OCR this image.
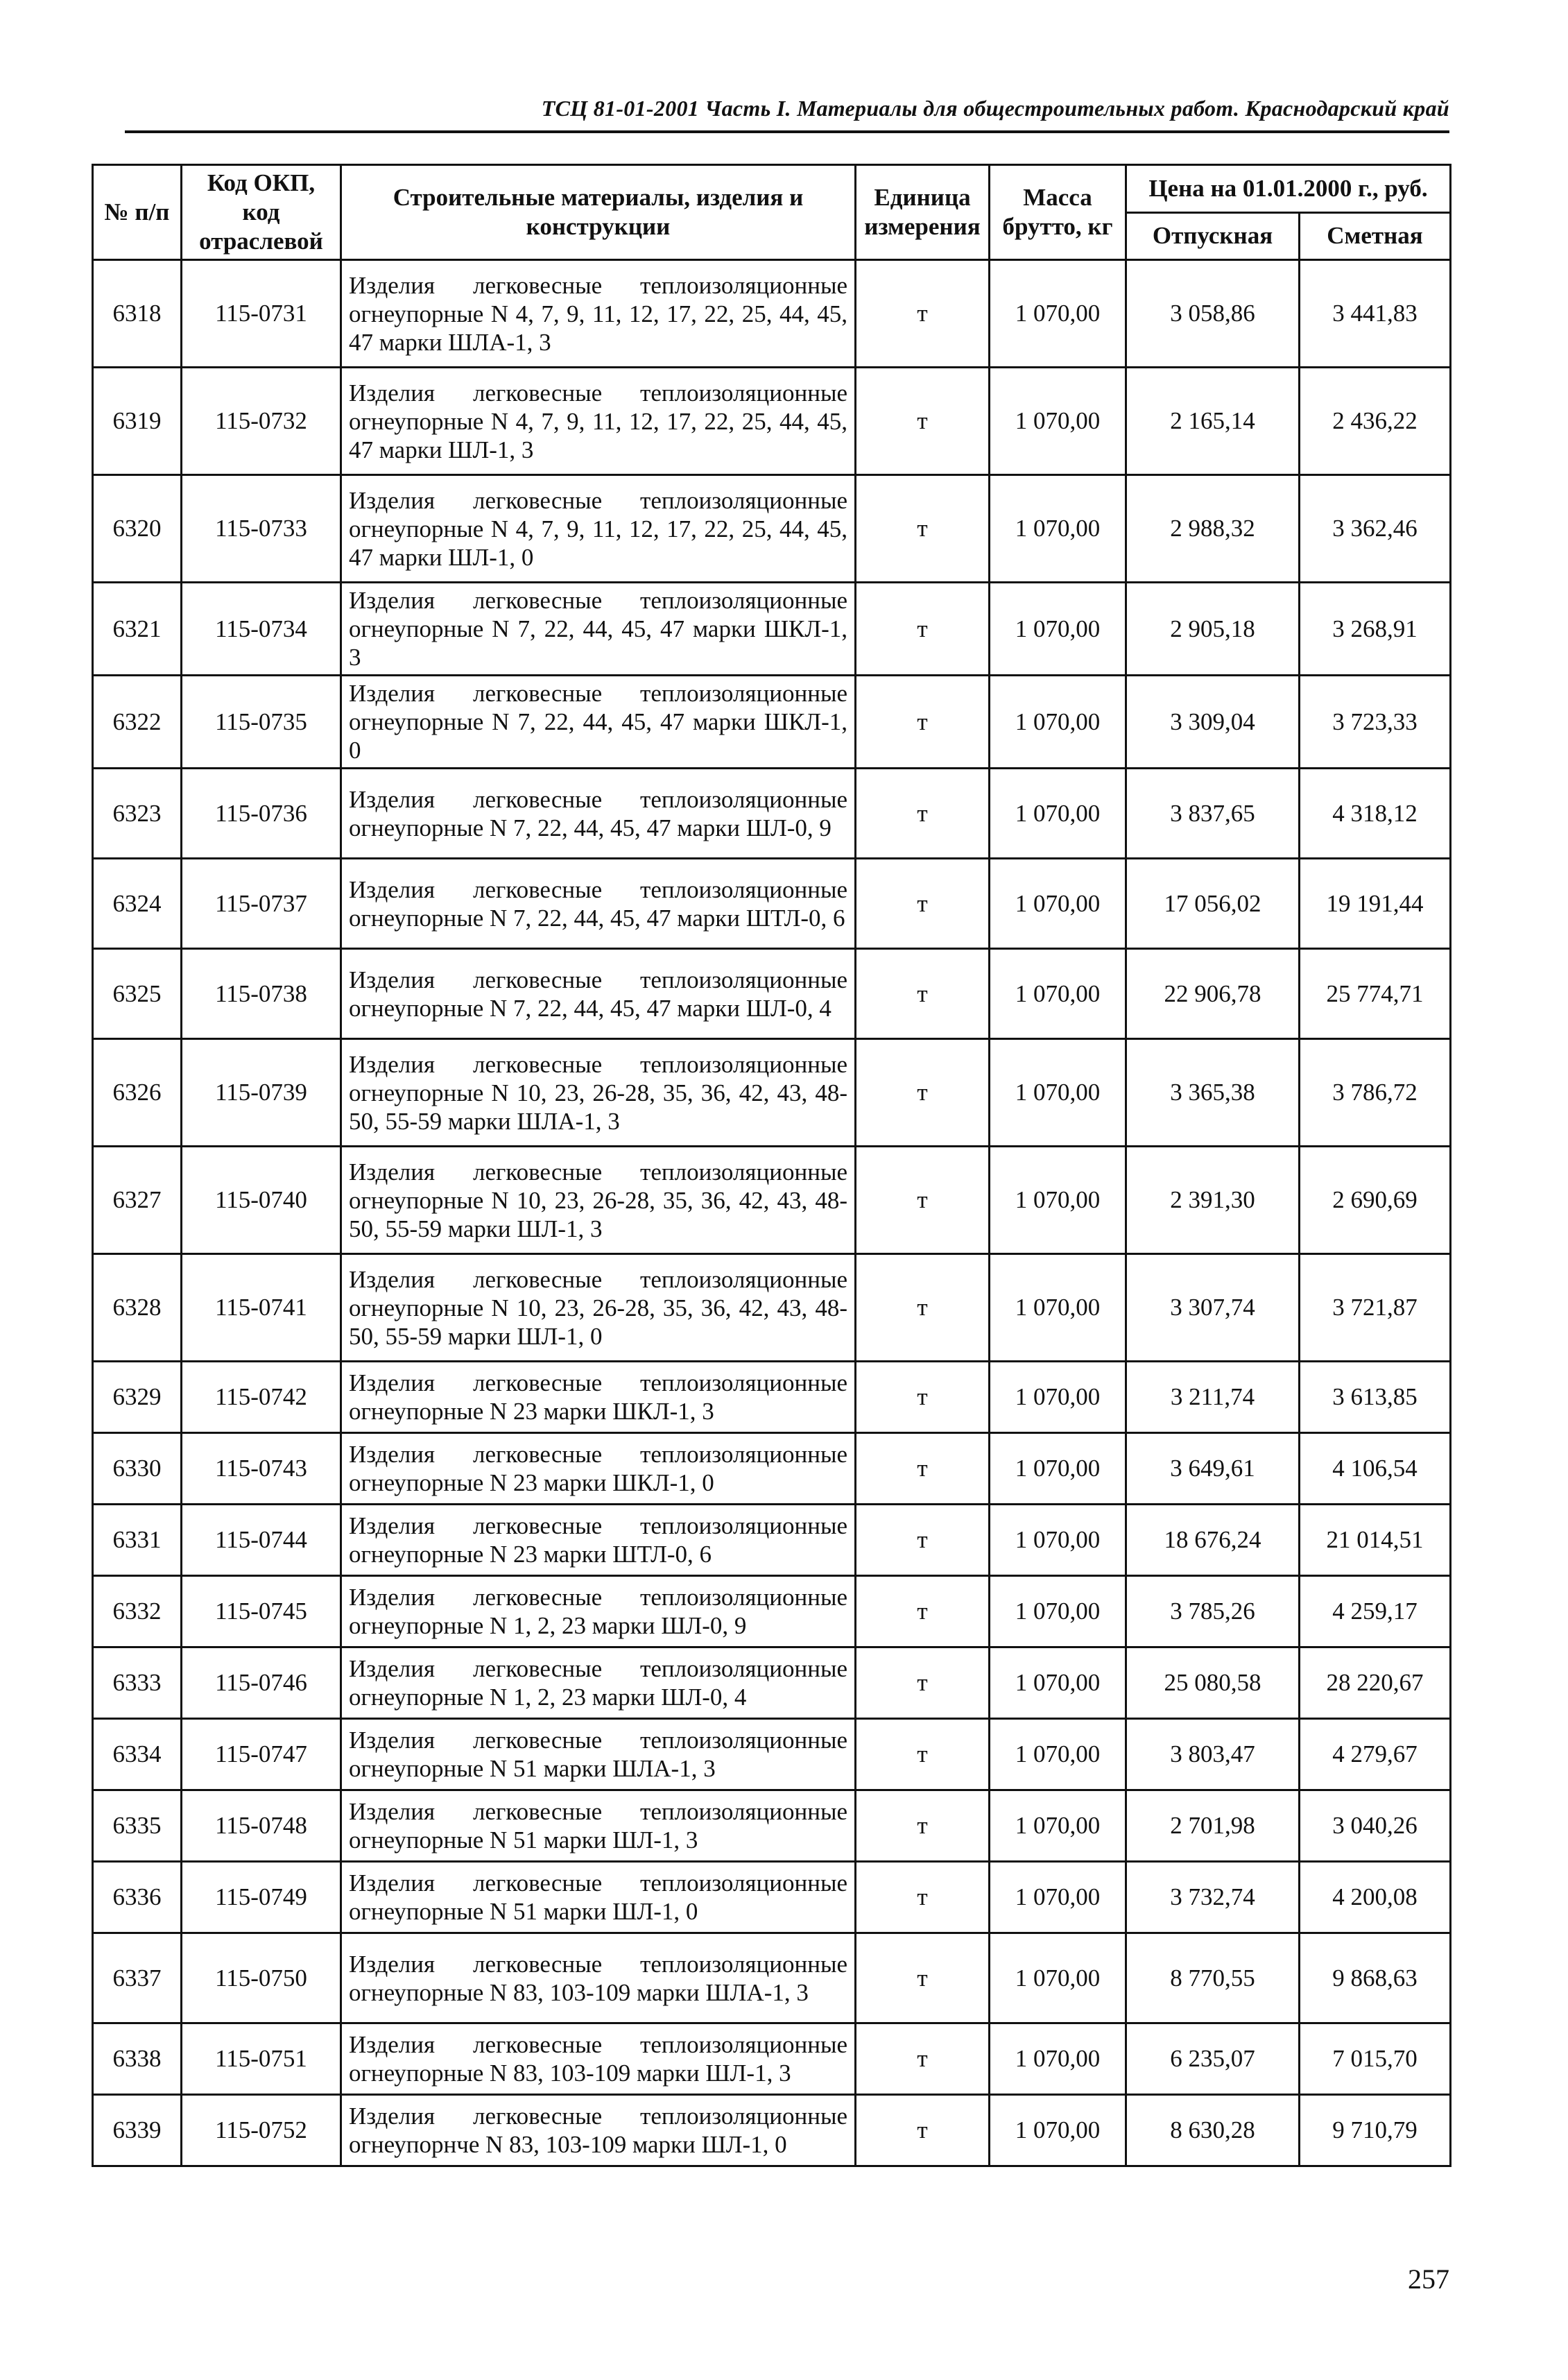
ТСЦ 81-01-2001 Часть I. Материалы для общестроительных работ. Краснодарский край
№ п/п	Код ОКП, код отраслевой	Строительные материалы, изделия и конструкции	Единица измерения	Масса брутто, кг	Цена на 01.01.2000 г., руб.	
					Отпускная	Сметная
6318	115-0731	Изделия легковесные теплоизоляционные огнеупорные N 4, 7, 9, 11, 12, 17, 22, 25, 44, 45, 47 марки ШЛА-1, 3	т	1 070,00	3 058,86	3 441,83
6319	115-0732	Изделия легковесные теплоизоляционные огнеупорные N 4, 7, 9, 11, 12, 17, 22, 25, 44, 45, 47 марки ШЛ-1, 3	т	1 070,00	2 165,14	2 436,22
6320	115-0733	Изделия легковесные теплоизоляционные огнеупорные N 4, 7, 9, 11, 12, 17, 22, 25, 44, 45, 47 марки ШЛ-1, 0	т	1 070,00	2 988,32	3 362,46
6321	115-0734	Изделия легковесные теплоизоляционные огнеупорные N 7, 22, 44, 45, 47 марки ШКЛ-1, 3	т	1 070,00	2 905,18	3 268,91
6322	115-0735	Изделия легковесные теплоизоляционные огнеупорные N 7, 22, 44, 45, 47 марки ШКЛ-1, 0	т	1 070,00	3 309,04	3 723,33
6323	115-0736	Изделия легковесные теплоизоляционные огнеупорные N 7, 22, 44, 45, 47 марки ШЛ-0, 9	т	1 070,00	3 837,65	4 318,12
6324	115-0737	Изделия легковесные теплоизоляционные огнеупорные N 7, 22, 44, 45, 47 марки ШТЛ-0, 6	т	1 070,00	17 056,02	19 191,44
6325	115-0738	Изделия легковесные теплоизоляционные огнеупорные N 7, 22, 44, 45, 47 марки ШЛ-0, 4	т	1 070,00	22 906,78	25 774,71
6326	115-0739	Изделия легковесные теплоизоляционные огнеупорные N 10, 23, 26-28, 35, 36, 42, 43, 48-50, 55-59 марки ШЛА-1, 3	т	1 070,00	3 365,38	3 786,72
6327	115-0740	Изделия легковесные теплоизоляционные огнеупорные N 10, 23, 26-28, 35, 36, 42, 43, 48-50, 55-59 марки ШЛ-1, 3	т	1 070,00	2 391,30	2 690,69
6328	115-0741	Изделия легковесные теплоизоляционные огнеупорные N 10, 23, 26-28, 35, 36, 42, 43, 48-50, 55-59 марки ШЛ-1, 0	т	1 070,00	3 307,74	3 721,87
6329	115-0742	Изделия легковесные теплоизоляционные огнеупорные N 23 марки ШКЛ-1, 3	т	1 070,00	3 211,74	3 613,85
6330	115-0743	Изделия легковесные теплоизоляционные огнеупорные N 23 марки ШКЛ-1, 0	т	1 070,00	3 649,61	4 106,54
6331	115-0744	Изделия легковесные теплоизоляционные огнеупорные N 23 марки ШТЛ-0, 6	т	1 070,00	18 676,24	21 014,51
6332	115-0745	Изделия легковесные теплоизоляционные огнеупорные N 1, 2, 23 марки ШЛ-0, 9	т	1 070,00	3 785,26	4 259,17
6333	115-0746	Изделия легковесные теплоизоляционные огнеупорные N 1, 2, 23 марки ШЛ-0, 4	т	1 070,00	25 080,58	28 220,67
6334	115-0747	Изделия легковесные теплоизоляционные огнеупорные N 51 марки ШЛА-1, 3	т	1 070,00	3 803,47	4 279,67
6335	115-0748	Изделия легковесные теплоизоляционные огнеупорные N 51 марки ШЛ-1, 3	т	1 070,00	2 701,98	3 040,26
6336	115-0749	Изделия легковесные теплоизоляционные огнеупорные N 51 марки ШЛ-1, 0	т	1 070,00	3 732,74	4 200,08
6337	115-0750	Изделия легковесные теплоизоляционные огнеупорные N 83, 103-109 марки ШЛА-1, 3	т	1 070,00	8 770,55	9 868,63
6338	115-0751	Изделия легковесные теплоизоляционные огнеупорные N 83, 103-109 марки ШЛ-1, 3	т	1 070,00	6 235,07	7 015,70
6339	115-0752	Изделия легковесные теплоизоляционные огнеупорнче N 83, 103-109 марки ШЛ-1, 0	т	1 070,00	8 630,28	9 710,79
257
